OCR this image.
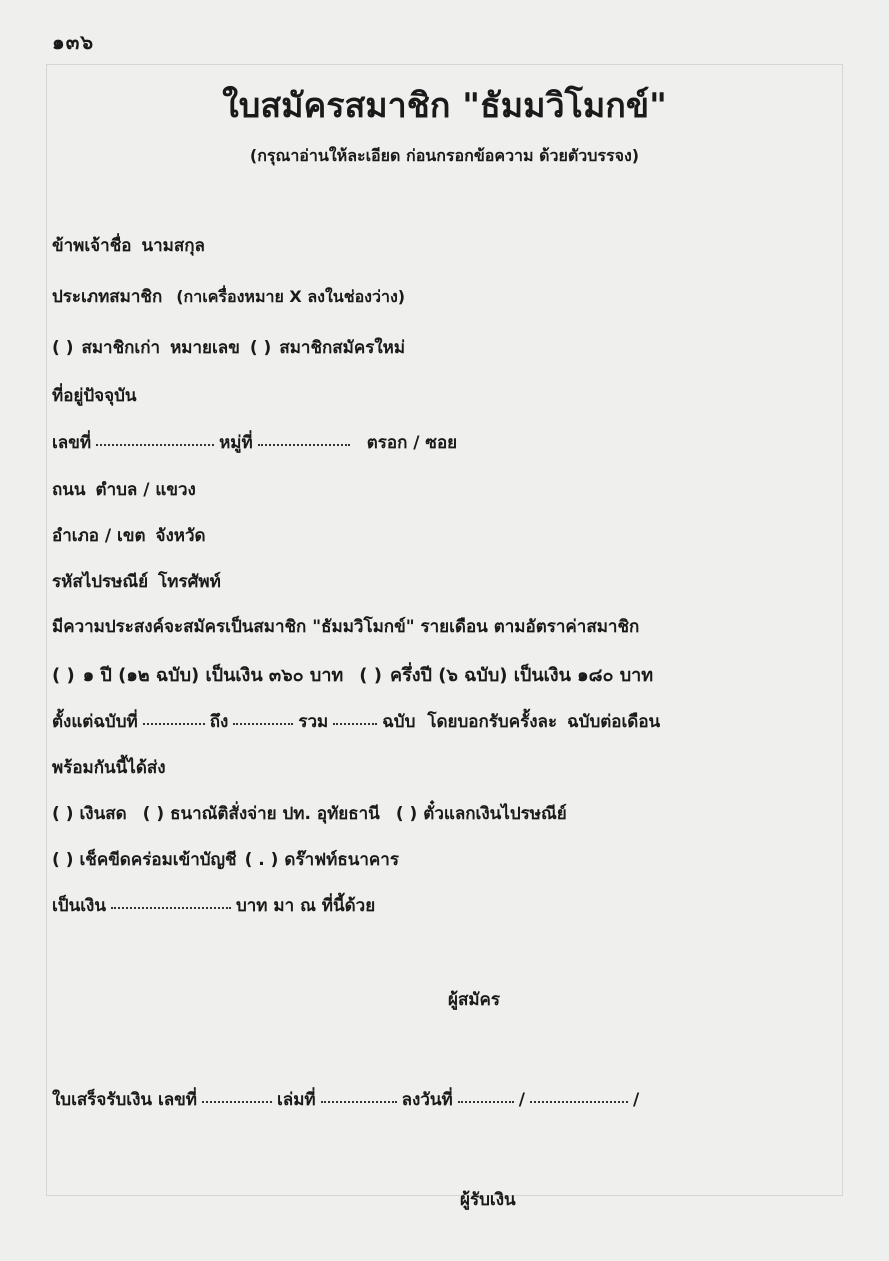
๑๓๖
ใบสมัครสมาชิก "ธัมมวิโมกข์"
(กรุณาอ่านให้ละเอียด ก่อนกรอกข้อความ ด้วยตัวบรรจง)
ข้าพเจ้าชื่อ นามสกุล
ประเภทสมาชิก (กาเครื่องหมาย X ลงในช่องว่าง)
( ) สมาชิกเก่า หมายเลข ( ) สมาชิกสมัครใหม่
ที่อยู่ปัจจุบัน
เลขที่	หมู่ที่	ตรอก / ซอย
ถนน ตำบล / แขวง
อำเภอ / เขต จังหวัด
รหัสไปรษณีย์ โทรศัพท์
มีความประสงค์จะสมัครเป็นสมาชิก "ธัมมวิโมกข์" รายเดือน ตามอัตราค่าสมาชิก
( ) ๑ ปี (๑๒ ฉบับ) เป็นเงิน ๓๖๐ บาท ( ) ครึ่งปี (๖ ฉบับ) เป็นเงิน ๑๘๐ บาท
ตั้งแต่ฉบับที่	ถึง	รวม	ฉบับ โดยบอกรับครั้งละ ฉบับต่อเดือน
พร้อมกันนี้ได้ส่ง
( ) เงินสด ( ) ธนาณัติสั่งจ่าย ปท. อุทัยธานี ( ) ตั๋วแลกเงินไปรษณีย์
( ) เช็คขีดคร่อมเข้าบัญชี ( . ) ดร๊าฟท์ธนาคาร
เป็นเงิน	บาท มา ณ ที่นี้ด้วย
ผู้สมัคร
ใบเสร็จรับเงิน เลขที่	เล่มที่	ลงวันที่	/	/
ผู้รับเงิน
